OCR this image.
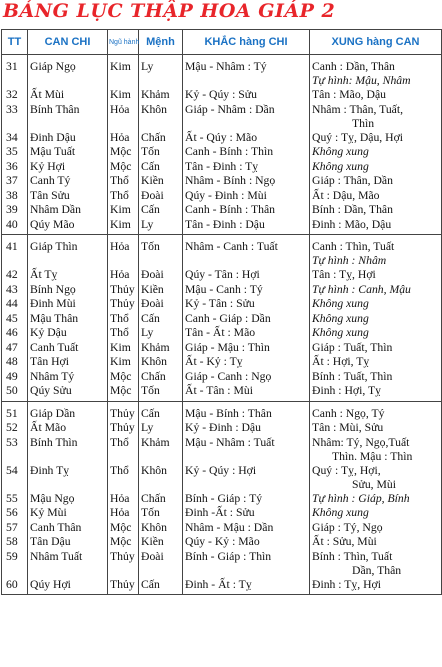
BẢNG LỤC THẬP HOA GIÁP 2
TT	CAN CHI	Ngũ hành	Mệnh	KHẮC hàng CHI	XUNG hàng CAN
31	Giáp Ngọ	Kim	Ly	Mậu - Nhâm : Tý	Canh : Dần, Thân
Tự hình: Mậu, Nhâm

32	Ất Mùi	Kim	Khảm	Kỷ - Qúy : Sửu	Tân : Mão, Dậu
33	Bính Thân	Hỏa	Khôn	Giáp - Nhâm : Dần	Nhâm : Thân, Tuất,
Thìn

34	Đinh Dậu	Hỏa	Chấn	Ất - Qúy : Mão	Quý : Tỵ, Dậu, Hợi
35	Mậu Tuất	Mộc	Tốn	Canh - Bính : Thìn	Không xung
36	Kỷ Hợi	Mộc	Cấn	Tân - Đinh : Tỵ	Không xung
37	Canh Tý	Thổ	Kiền	Nhâm - Bính : Ngọ	Giáp : Thân, Dần
38	Tân Sửu	Thổ	Đoài	Qúy - Đinh : Mùi	Ất : Dậu, Mão
39	Nhâm Dần	Kim	Cấn	Canh - Bính : Thân	Bính : Dần, Thân
40	Qúy Mão	Kim	Ly	Tân - Đinh : Dậu	Đinh : Mão, Dậu
41	Giáp Thìn	Hỏa	Tốn	Nhâm - Canh : Tuất	Canh : Thìn, Tuất
Tự hình : Nhâm

42	Ất Tỵ	Hỏa	Đoài	Qúy - Tân : Hợi	Tân : Tỵ, Hợi
43	Bính Ngọ	Thủy	Kiền	Mậu - Canh : Tý	Tự hình : Canh, Mậu
44	Đinh Mùi	Thủy	Đoài	Kỷ - Tân : Sửu	Không xung
45	Mậu Thân	Thổ	Cấn	Canh - Giáp : Dần	Không xung
46	Kỷ Dậu	Thổ	Ly	Tân - Ất : Mão	Không xung
47	Canh Tuất	Kim	Khảm	Giáp - Mậu : Thìn	Giáp : Tuất, Thìn
48	Tân Hợi	Kim	Khôn	Ất - Kỷ : Tỵ	Ất : Hợi, Tỵ
49	Nhâm Tý	Mộc	Chấn	Giáp - Canh : Ngọ	Bính : Tuất, Thìn
50	Qúy Sửu	Mộc	Tốn	Ất - Tân : Mùi	Đinh : Hợi, Tỵ
51	Giáp Dần	Thủy	Cấn	Mậu - Bính : Thân	Canh : Ngọ, Tý
52	Ất Mão	Thủy	Ly	Kỷ - Đinh : Dậu	Tân : Mùi, Sửu
53	Bính Thìn	Thổ	Khảm	Mậu - Nhâm : Tuất	Nhâm: Tý, Ngọ,Tuất
Thìn. Mậu : Thìn

54	Đinh Tỵ	Thổ	Khôn	Kỷ - Qúy : Hợi	Quý : Tỵ, Hợi,
Sửu, Mùi

55	Mậu Ngọ	Hỏa	Chấn	Bính - Giáp : Tý	Tự hình : Giáp, Bính
56	Kỷ Mùi	Hỏa	Tốn	Đinh -Ất : Sửu	Không xung
57	Canh Thân	Mộc	Khôn	Nhâm - Mậu : Dần	Giáp : Tý, Ngọ
58	Tân Dậu	Mộc	Kiền	Qúy - Kỷ : Mão	Ất : Sửu, Mùi
59	Nhâm Tuất	Thủy	Đoài	Bính - Giáp : Thìn	Bính : Thìn, Tuất
Dần, Thân

60	Qúy Hợi	Thủy	Cấn	Đinh - Ất : Tỵ	Đinh : Tỵ, Hợi
